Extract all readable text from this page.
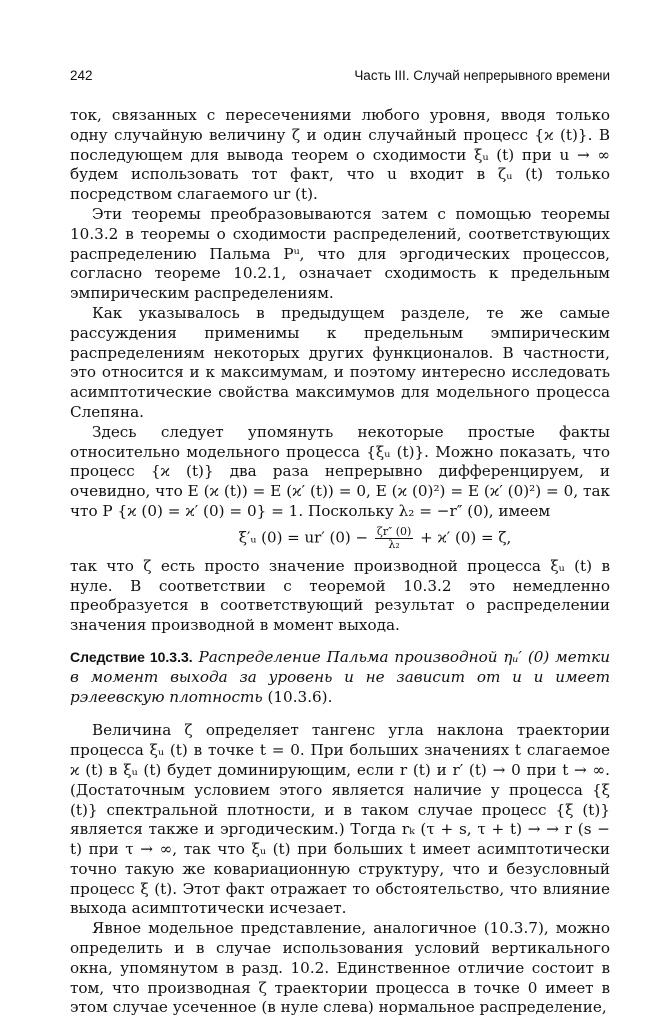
242	Часть III. Случай непрерывного времени

ток, связанных с пересечениями любого уровня, вводя только одну случайную величину ζ и один случайный процесс {ϰ (t)}. В последующем для вывода теорем о сходимости ξᵤ (t) при u → ∞ будем использовать тот факт, что u входит в ζᵤ (t) только посредством слагаемого ur (t).

Эти теоремы преобразовываются затем с помощью теоремы 10.3.2 в теоремы о сходимости распределений, соответствующих распределению Пальма Pᵘ, что для эргодических процессов, согласно теореме 10.2.1, означает сходимость к предельным эмпирическим распределениям.

Как указывалось в предыдущем разделе, те же самые рассуждения применимы к предельным эмпирическим распределениям некоторых других функционалов. В частности, это относится и к максимумам, и поэтому интересно исследовать асимптотические свойства максимумов для модельного процесса Слепяна.

Здесь следует упомянуть некоторые простые факты относительно модельного процесса {ξᵤ (t)}. Можно показать, что процесс {ϰ (t)} два раза непрерывно дифференцируем, и очевидно, что E (ϰ (t)) = E (ϰ′ (t)) = 0, E (ϰ (0)²) = E (ϰ′ (0)²) = 0, так что P {ϰ (0) = ϰ′ (0) = 0} = 1. Поскольку λ₂ = −r″ (0), имеем

ξ′ᵤ (0) = ur′ $(0) - \frac{\zeta r'' (0)}{\text{λ₂}} + ϰ'$ (0) = ζ,

так что ζ есть просто значение производной процесса ξᵤ (t) в нуле. В соответствии с теоремой 10.3.2 это немедленно преобразуется в соответствующий результат о распределении значения производной в момент выхода.

Следствие 10.3.3. Распределение Пальма производной ηᵤ′ (0) метки в момент выхода за уровень и не зависит от и и имеет рэлеевскую плотность (10.3.6).

Величина ζ определяет тангенс угла наклона траектории процесса ξᵤ (t) в точке t = 0. При больших значениях t слагаемое ϰ (t) в ξᵤ (t) будет доминирующим, если r (t) и r′ (t) → 0 при t → ∞. (Достаточным условием этого является наличие у процесса {ξ (t)} спектральной плотности, и в таком случае процесс {ξ (t)} является также и эргодическим.) Тогда rₖ (τ + s, τ + t) → → r (s − t) при τ → ∞, так что ξᵤ (t) при больших t имеет асимптотически точно такую же ковариационную структуру, что и безусловный процесс ξ (t). Этот факт отражает то обстоятельство, что влияние выхода асимптотически исчезает.

Явное модельное представление, аналогичное (10.3.7), можно определить и в случае использования условий вертикального окна, упомянутом в разд. 10.2. Единственное отличие состоит в том, что производная ζ траектории процесса в точке 0 имеет в этом случае усеченное (в нуле слева) нормальное распределение,
